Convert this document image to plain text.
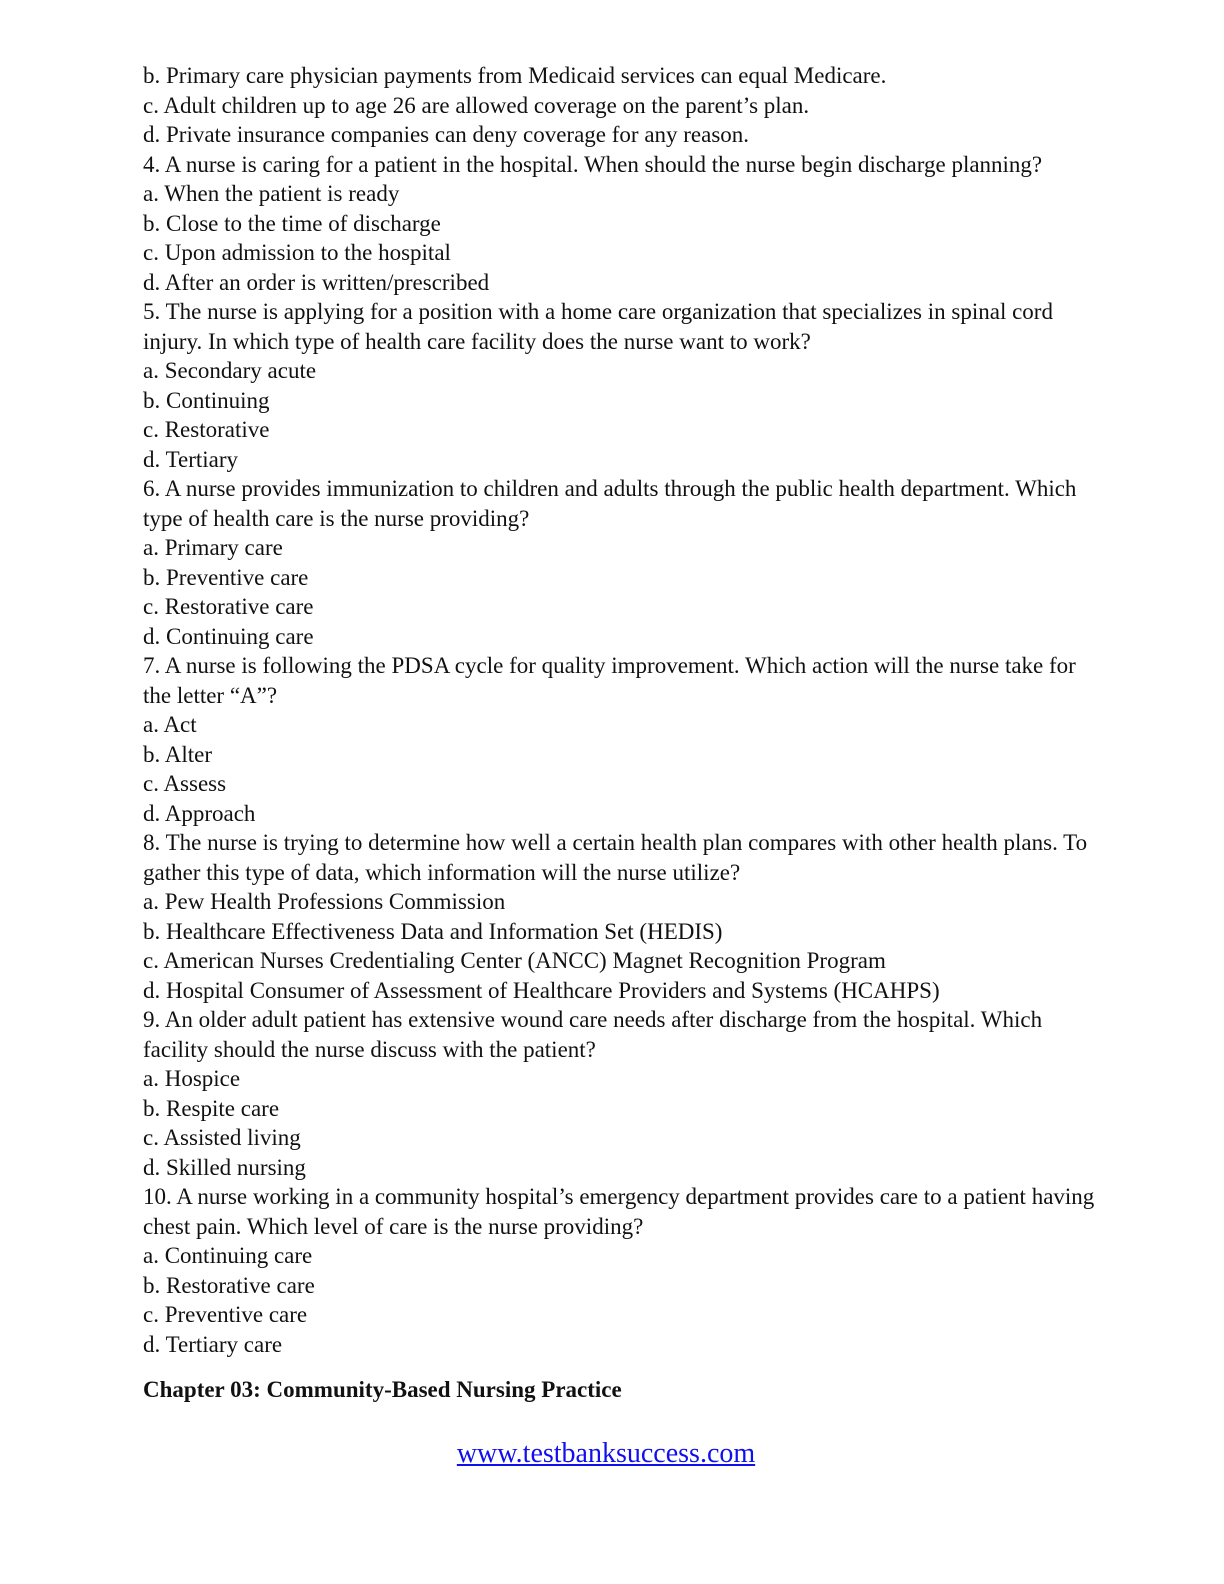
b. Primary care physician payments from Medicaid services can equal Medicare.
c. Adult children up to age 26 are allowed coverage on the parent’s plan.
d. Private insurance companies can deny coverage for any reason.
4. A nurse is caring for a patient in the hospital. When should the nurse begin discharge planning?
a. When the patient is ready
b. Close to the time of discharge
c. Upon admission to the hospital
d. After an order is written/prescribed
5. The nurse is applying for a position with a home care organization that specializes in spinal cord
injury. In which type of health care facility does the nurse want to work?
a. Secondary acute
b. Continuing
c. Restorative
d. Tertiary
6. A nurse provides immunization to children and adults through the public health department. Which
type of health care is the nurse providing?
a. Primary care
b. Preventive care
c. Restorative care
d. Continuing care
7. A nurse is following the PDSA cycle for quality improvement. Which action will the nurse take for
the letter “A”?
a. Act
b. Alter
c. Assess
d. Approach
8. The nurse is trying to determine how well a certain health plan compares with other health plans. To
gather this type of data, which information will the nurse utilize?
a. Pew Health Professions Commission
b. Healthcare Effectiveness Data and Information Set (HEDIS)
c. American Nurses Credentialing Center (ANCC) Magnet Recognition Program
d. Hospital Consumer of Assessment of Healthcare Providers and Systems (HCAHPS)
9. An older adult patient has extensive wound care needs after discharge from the hospital. Which
facility should the nurse discuss with the patient?
a. Hospice
b. Respite care
c. Assisted living
d. Skilled nursing
10. A nurse working in a community hospital’s emergency department provides care to a patient having
chest pain. Which level of care is the nurse providing?
a. Continuing care
b. Restorative care
c. Preventive care
d. Tertiary care
Chapter 03: Community-Based Nursing Practice
www.testbanksuccess.com
